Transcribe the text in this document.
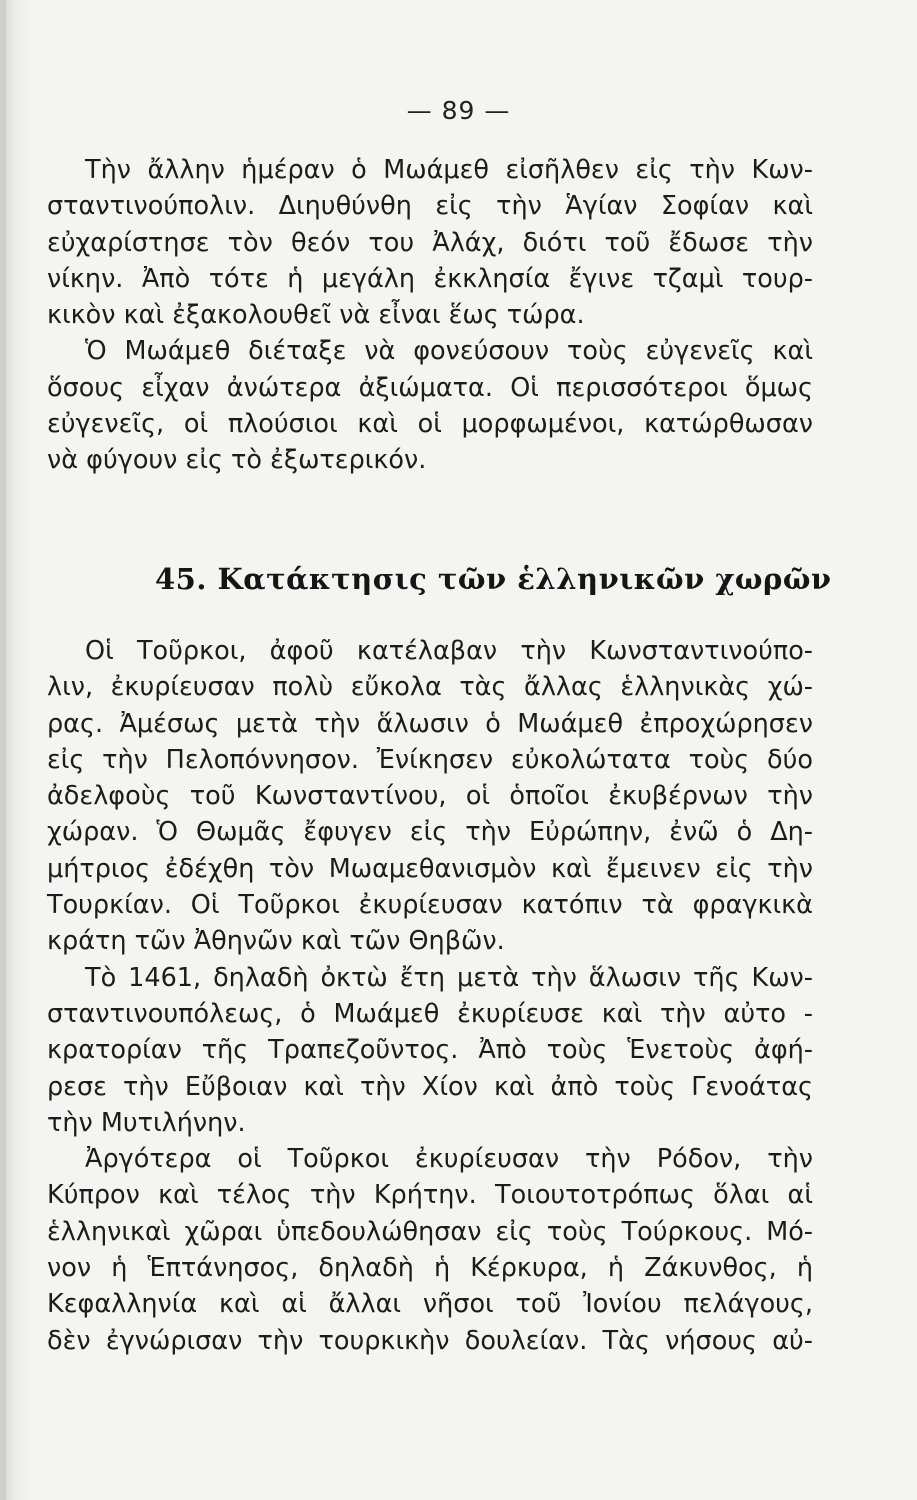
— 89 —
Τὴν ἄλλην ἡμέραν ὁ Μωάμεθ εἰσῆλθεν εἰς τὴν Κων-
σταντινούπολιν. Διηυθύνθη εἰς τὴν Ἁγίαν Σοφίαν καὶ
εὐχαρίστησε τὸν θεόν του Ἀλάχ, διότι τοῦ ἔδωσε τὴν
νίκην. Ἀπὸ τότε ἡ μεγάλη ἐκκλησία ἔγινε τζαμὶ τουρ-
κικὸν καὶ ἐξακολουθεῖ νὰ εἶναι ἕως τώρα.
Ὁ Μωάμεθ διέταξε νὰ φονεύσουν τοὺς εὐγενεῖς καὶ
ὅσους εἶχαν ἀνώτερα ἀξιώματα. Οἱ περισσότεροι ὅμως
εὐγενεῖς, οἱ πλούσιοι καὶ οἱ μορφωμένοι, κατώρθωσαν
νὰ φύγουν εἰς τὸ ἐξωτερικόν.
45. Κατάκτησις τῶν ἑλληνικῶν χωρῶν
Οἱ Τοῦρκοι, ἀφοῦ κατέλαβαν τὴν Κωνσταντινούπο-
λιν, ἐκυρίευσαν πολὺ εὔκολα τὰς ἄλλας ἑλληνικὰς χώ-
ρας. Ἀμέσως μετὰ τὴν ἅλωσιν ὁ Μωάμεθ ἐπροχώρησεν
εἰς τὴν Πελοπόννησον. Ἐνίκησεν εὐκολώτατα τοὺς δύο
ἀδελφοὺς τοῦ Κωνσταντίνου, οἱ ὁποῖοι ἐκυβέρνων τὴν
χώραν. Ὁ Θωμᾶς ἔφυγεν εἰς τὴν Εὐρώπην, ἐνῶ ὁ Δη-
μήτριος ἐδέχθη τὸν Μωαμεθανισμὸν καὶ ἔμεινεν εἰς τὴν
Τουρκίαν. Οἱ Τοῦρκοι ἐκυρίευσαν κατόπιν τὰ φραγκικὰ
κράτη τῶν Ἀθηνῶν καὶ τῶν Θηβῶν.
Τὸ 1461, δηλαδὴ ὀκτὼ ἔτη μετὰ τὴν ἅλωσιν τῆς Κων-
σταντινουπόλεως, ὁ Μωάμεθ ἐκυρίευσε καὶ τὴν αὐτο -
κρατορίαν τῆς Τραπεζοῦντος. Ἀπὸ τοὺς Ἑνετοὺς ἀφή-
ρεσε τὴν Εὔβοιαν καὶ τὴν Χίον καὶ ἀπὸ τοὺς Γενοάτας
τὴν Μυτιλήνην.
Ἀργότερα οἱ Τοῦρκοι ἐκυρίευσαν τὴν Ρόδον, τὴν
Κύπρον καὶ τέλος τὴν Κρήτην. Τοιουτοτρόπως ὅλαι αἱ
ἑλληνικαὶ χῶραι ὑπεδουλώθησαν εἰς τοὺς Τούρκους. Μό-
νον ἡ Ἑπτάνησος, δηλαδὴ ἡ Κέρκυρα, ἡ Ζάκυνθος, ἡ
Κεφαλληνία καὶ αἱ ἄλλαι νῆσοι τοῦ Ἰονίου πελάγους,
δὲν ἐγνώρισαν τὴν τουρκικὴν δουλείαν. Τὰς νήσους αὐ-
